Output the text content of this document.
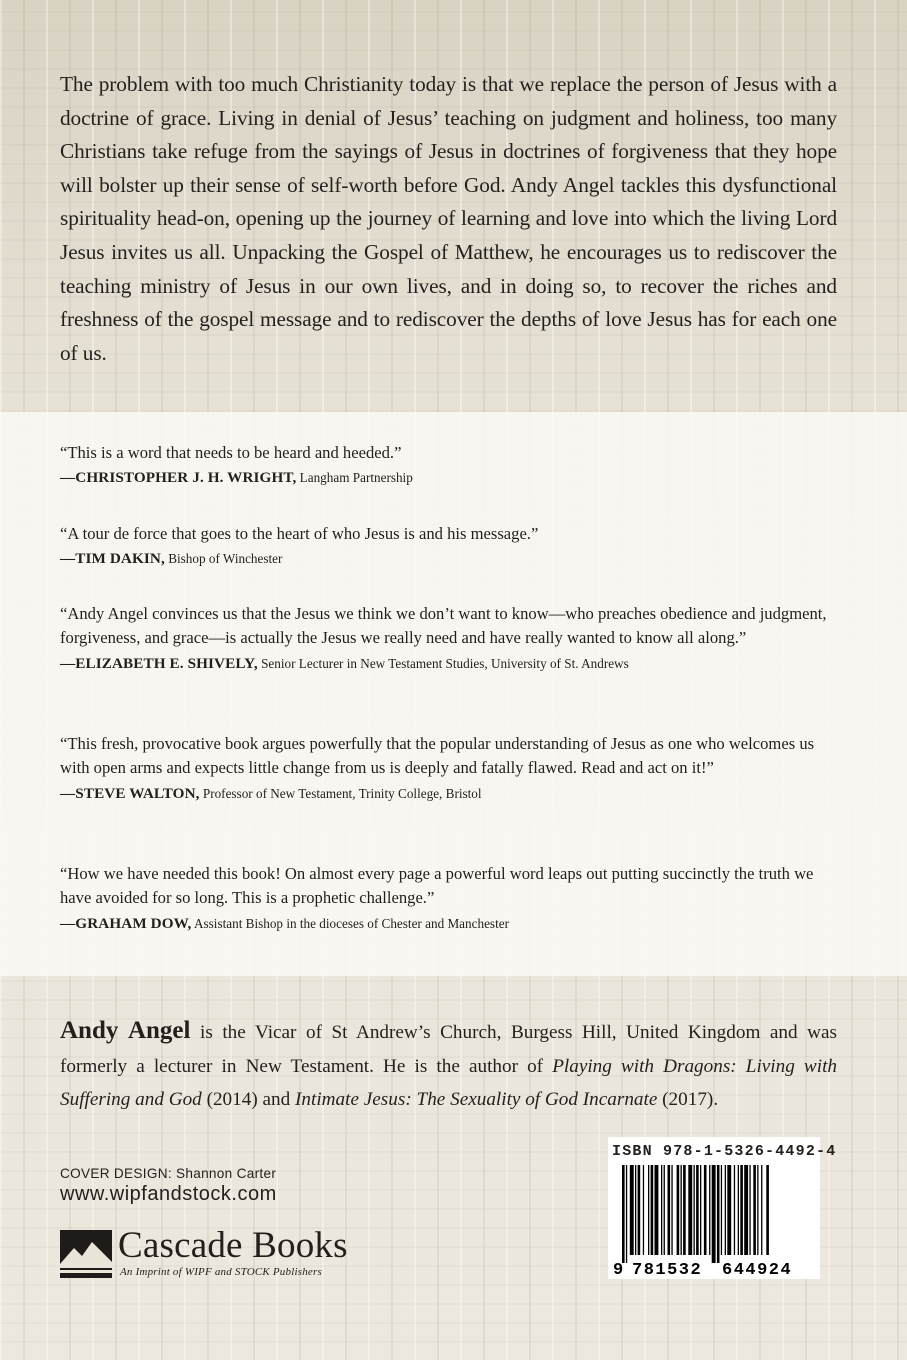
The problem with too much Christianity today is that we replace the person of Jesus with a doctrine of grace. Living in denial of Jesus’ teaching on judgment and holiness, too many Christians take refuge from the sayings of Jesus in doctrines of forgiveness that they hope will bolster up their sense of self-worth before God. Andy Angel tackles this dysfunctional spirituality head-on, opening up the journey of learning and love into which the living Lord Jesus invites us all. Unpacking the Gospel of Matthew, he encourages us to rediscover the teaching ministry of Jesus in our own lives, and in doing so, to recover the riches and freshness of the gospel message and to rediscover the depths of love Jesus has for each one of us.

“This is a word that needs to be heard and heeded.”

—CHRISTOPHER J. H. WRIGHT, Langham Partnership

“A tour de force that goes to the heart of who Jesus is and his message.”

—TIM DAKIN, Bishop of Winchester

“Andy Angel convinces us that the Jesus we think we don’t want to know—who preaches obedience and judgment, forgiveness, and grace—is actually the Jesus we really need and have really wanted to know all along.”

—ELIZABETH E. SHIVELY, Senior Lecturer in New Testament Studies, University of St. Andrews

“This fresh, provocative book argues powerfully that the popular understanding of Jesus as one who welcomes us with open arms and expects little change from us is deeply and fatally flawed. Read and act on it!”

—STEVE WALTON, Professor of New Testament, Trinity College, Bristol

“How we have needed this book! On almost every page a powerful word leaps out putting succinctly the truth we have avoided for so long. This is a prophetic challenge.”

—GRAHAM DOW, Assistant Bishop in the dioceses of Chester and Manchester
Andy Angel is the Vicar of St Andrew’s Church, Burgess Hill, United Kingdom and was formerly a lecturer in New Testament. He is the author of Playing with Dragons: Living with Suffering and God (2014) and Intimate Jesus: The Sexuality of God Incarnate (2017).
COVER DESIGN: Shannon Carter
www.wipfandstock.com
Cascade Books
An Imprint of WIPF and STOCK Publishers
ISBN 978-1-5326-4492-4
9 781532 644924
